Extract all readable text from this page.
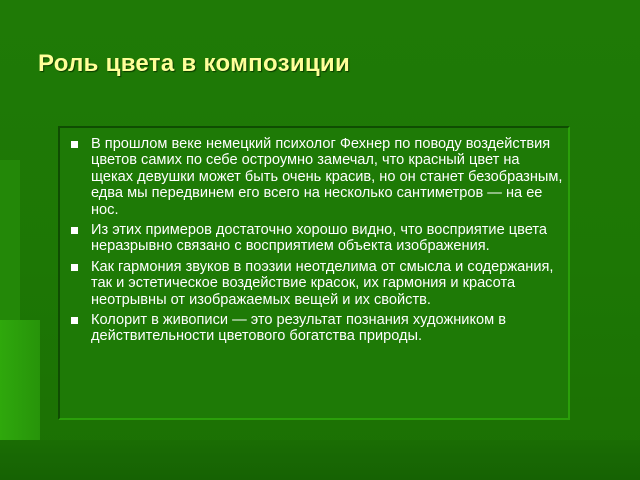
Роль цвета в композиции
В прошлом веке немецкий психолог Фехнер по поводу воздействия цветов самих по себе остроумно замечал, что красный цвет на щеках девушки может быть очень красив, но он станет безобразным, едва мы передвинем его всего на несколько сантиметров — на ее нос.
Из этих примеров достаточно хорошо видно, что восприятие цвета неразрывно связано с восприятием объекта изображения.
Как гармония звуков в поэзии неотделима от смысла и содержания, так и эстетическое воздействие красок, их гармония и красота неотрывны от изображаемых вещей и их свойств.
Колорит в живописи — это результат познания художником в действительности цветового богатства природы.
